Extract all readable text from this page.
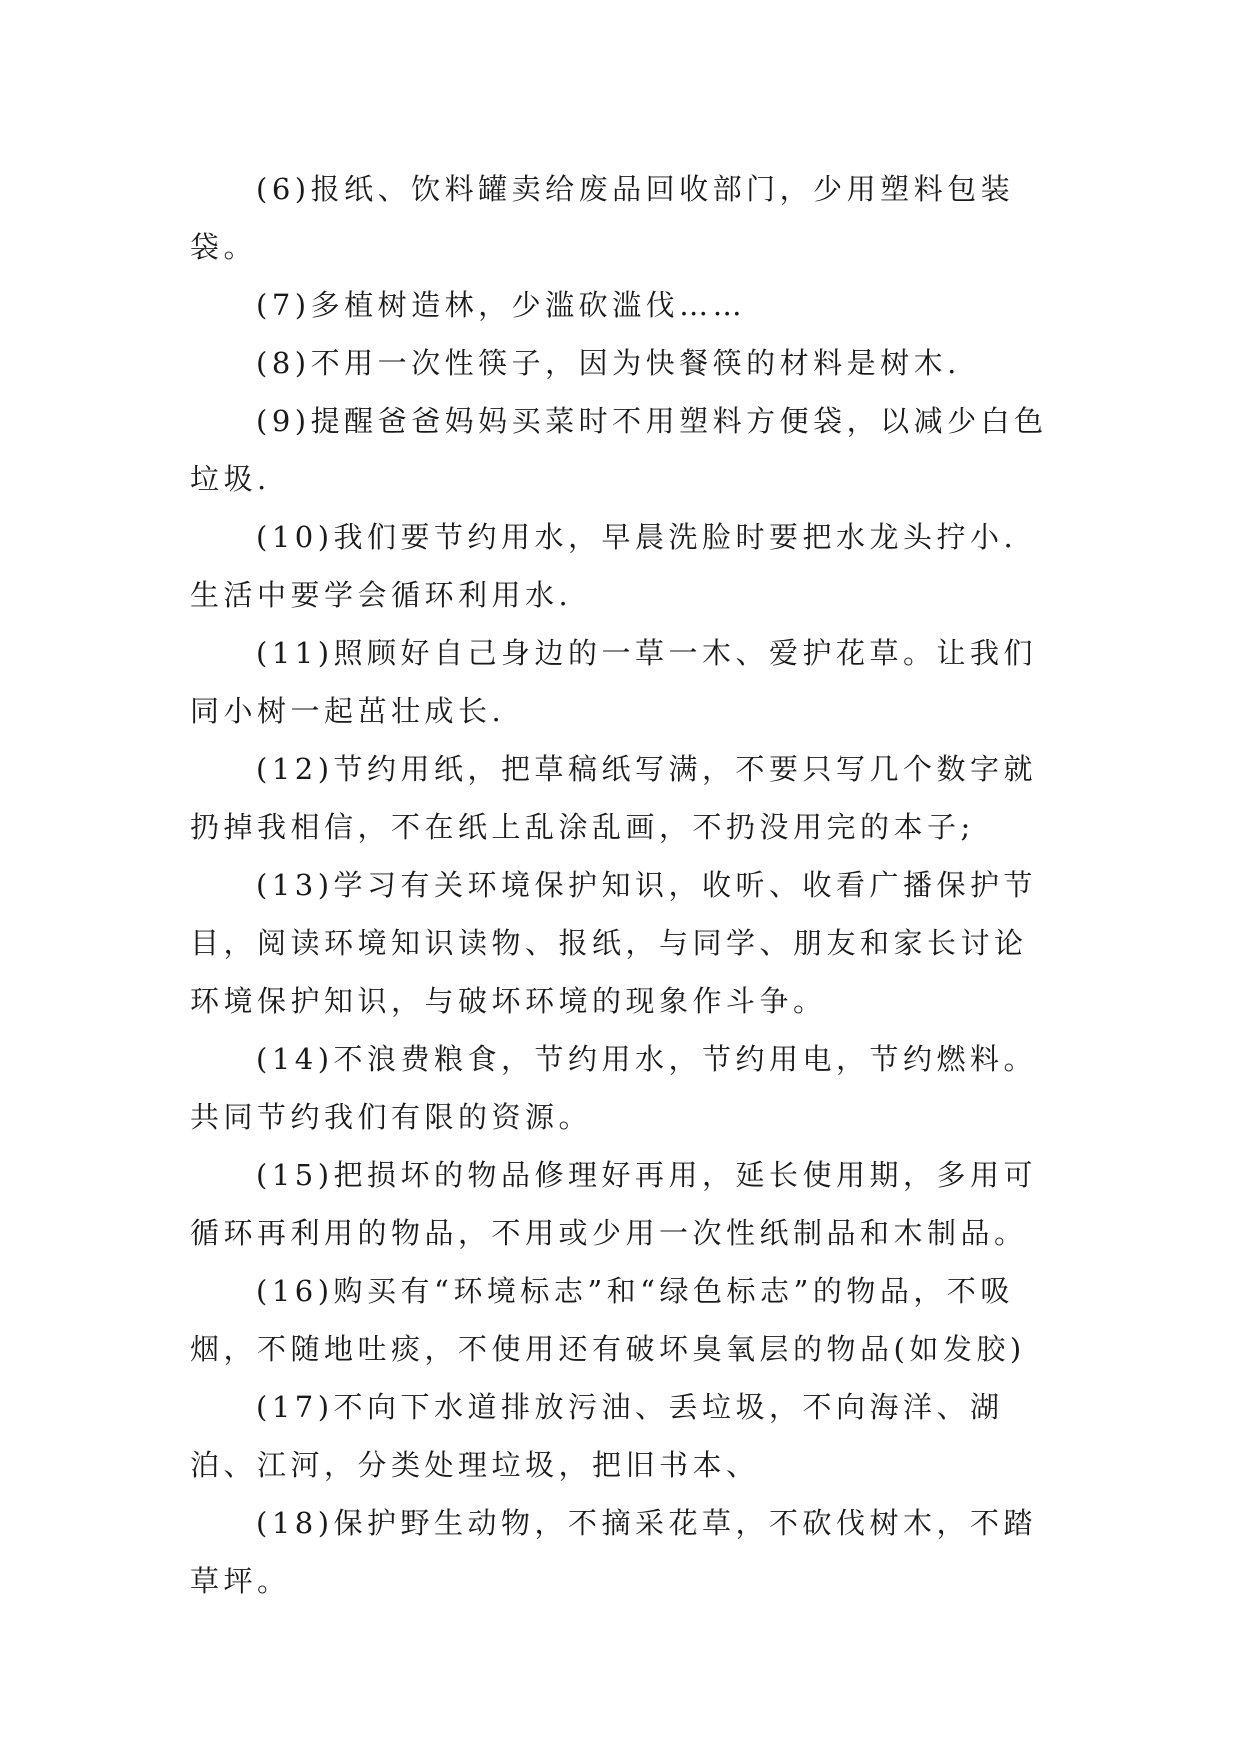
(6)报纸、饮料罐卖给废品回收部门，少用塑料包装袋。

(7)多植树造林，少滥砍滥伐……

(8)不用一次性筷子，因为快餐筷的材料是树木.

(9)提醒爸爸妈妈买菜时不用塑料方便袋，以减少白色垃圾.

(10)我们要节约用水，早晨洗脸时要把水龙头拧小.生活中要学会循环利用水.

(11)照顾好自己身边的一草一木、爱护花草。让我们同小树一起茁壮成长.

(12)节约用纸，把草稿纸写满，不要只写几个数字就扔掉我相信，不在纸上乱涂乱画，不扔没用完的本子;

(13)学习有关环境保护知识，收听、收看广播保护节目，阅读环境知识读物、报纸，与同学、朋友和家长讨论环境保护知识，与破坏环境的现象作斗争。

(14)不浪费粮食，节约用水，节约用电，节约燃料。共同节约我们有限的资源。

(15)把损坏的物品修理好再用，延长使用期，多用可循环再利用的物品，不用或少用一次性纸制品和木制品。

(16)购买有“环境标志”和“绿色标志”的物品，不吸烟，不随地吐痰，不使用还有破坏臭氧层的物品(如发胶)

(17)不向下水道排放污油、丢垃圾，不向海洋、湖泊、江河，分类处理垃圾，把旧书本、

(18)保护野生动物，不摘采花草，不砍伐树木，不踏草坪。
